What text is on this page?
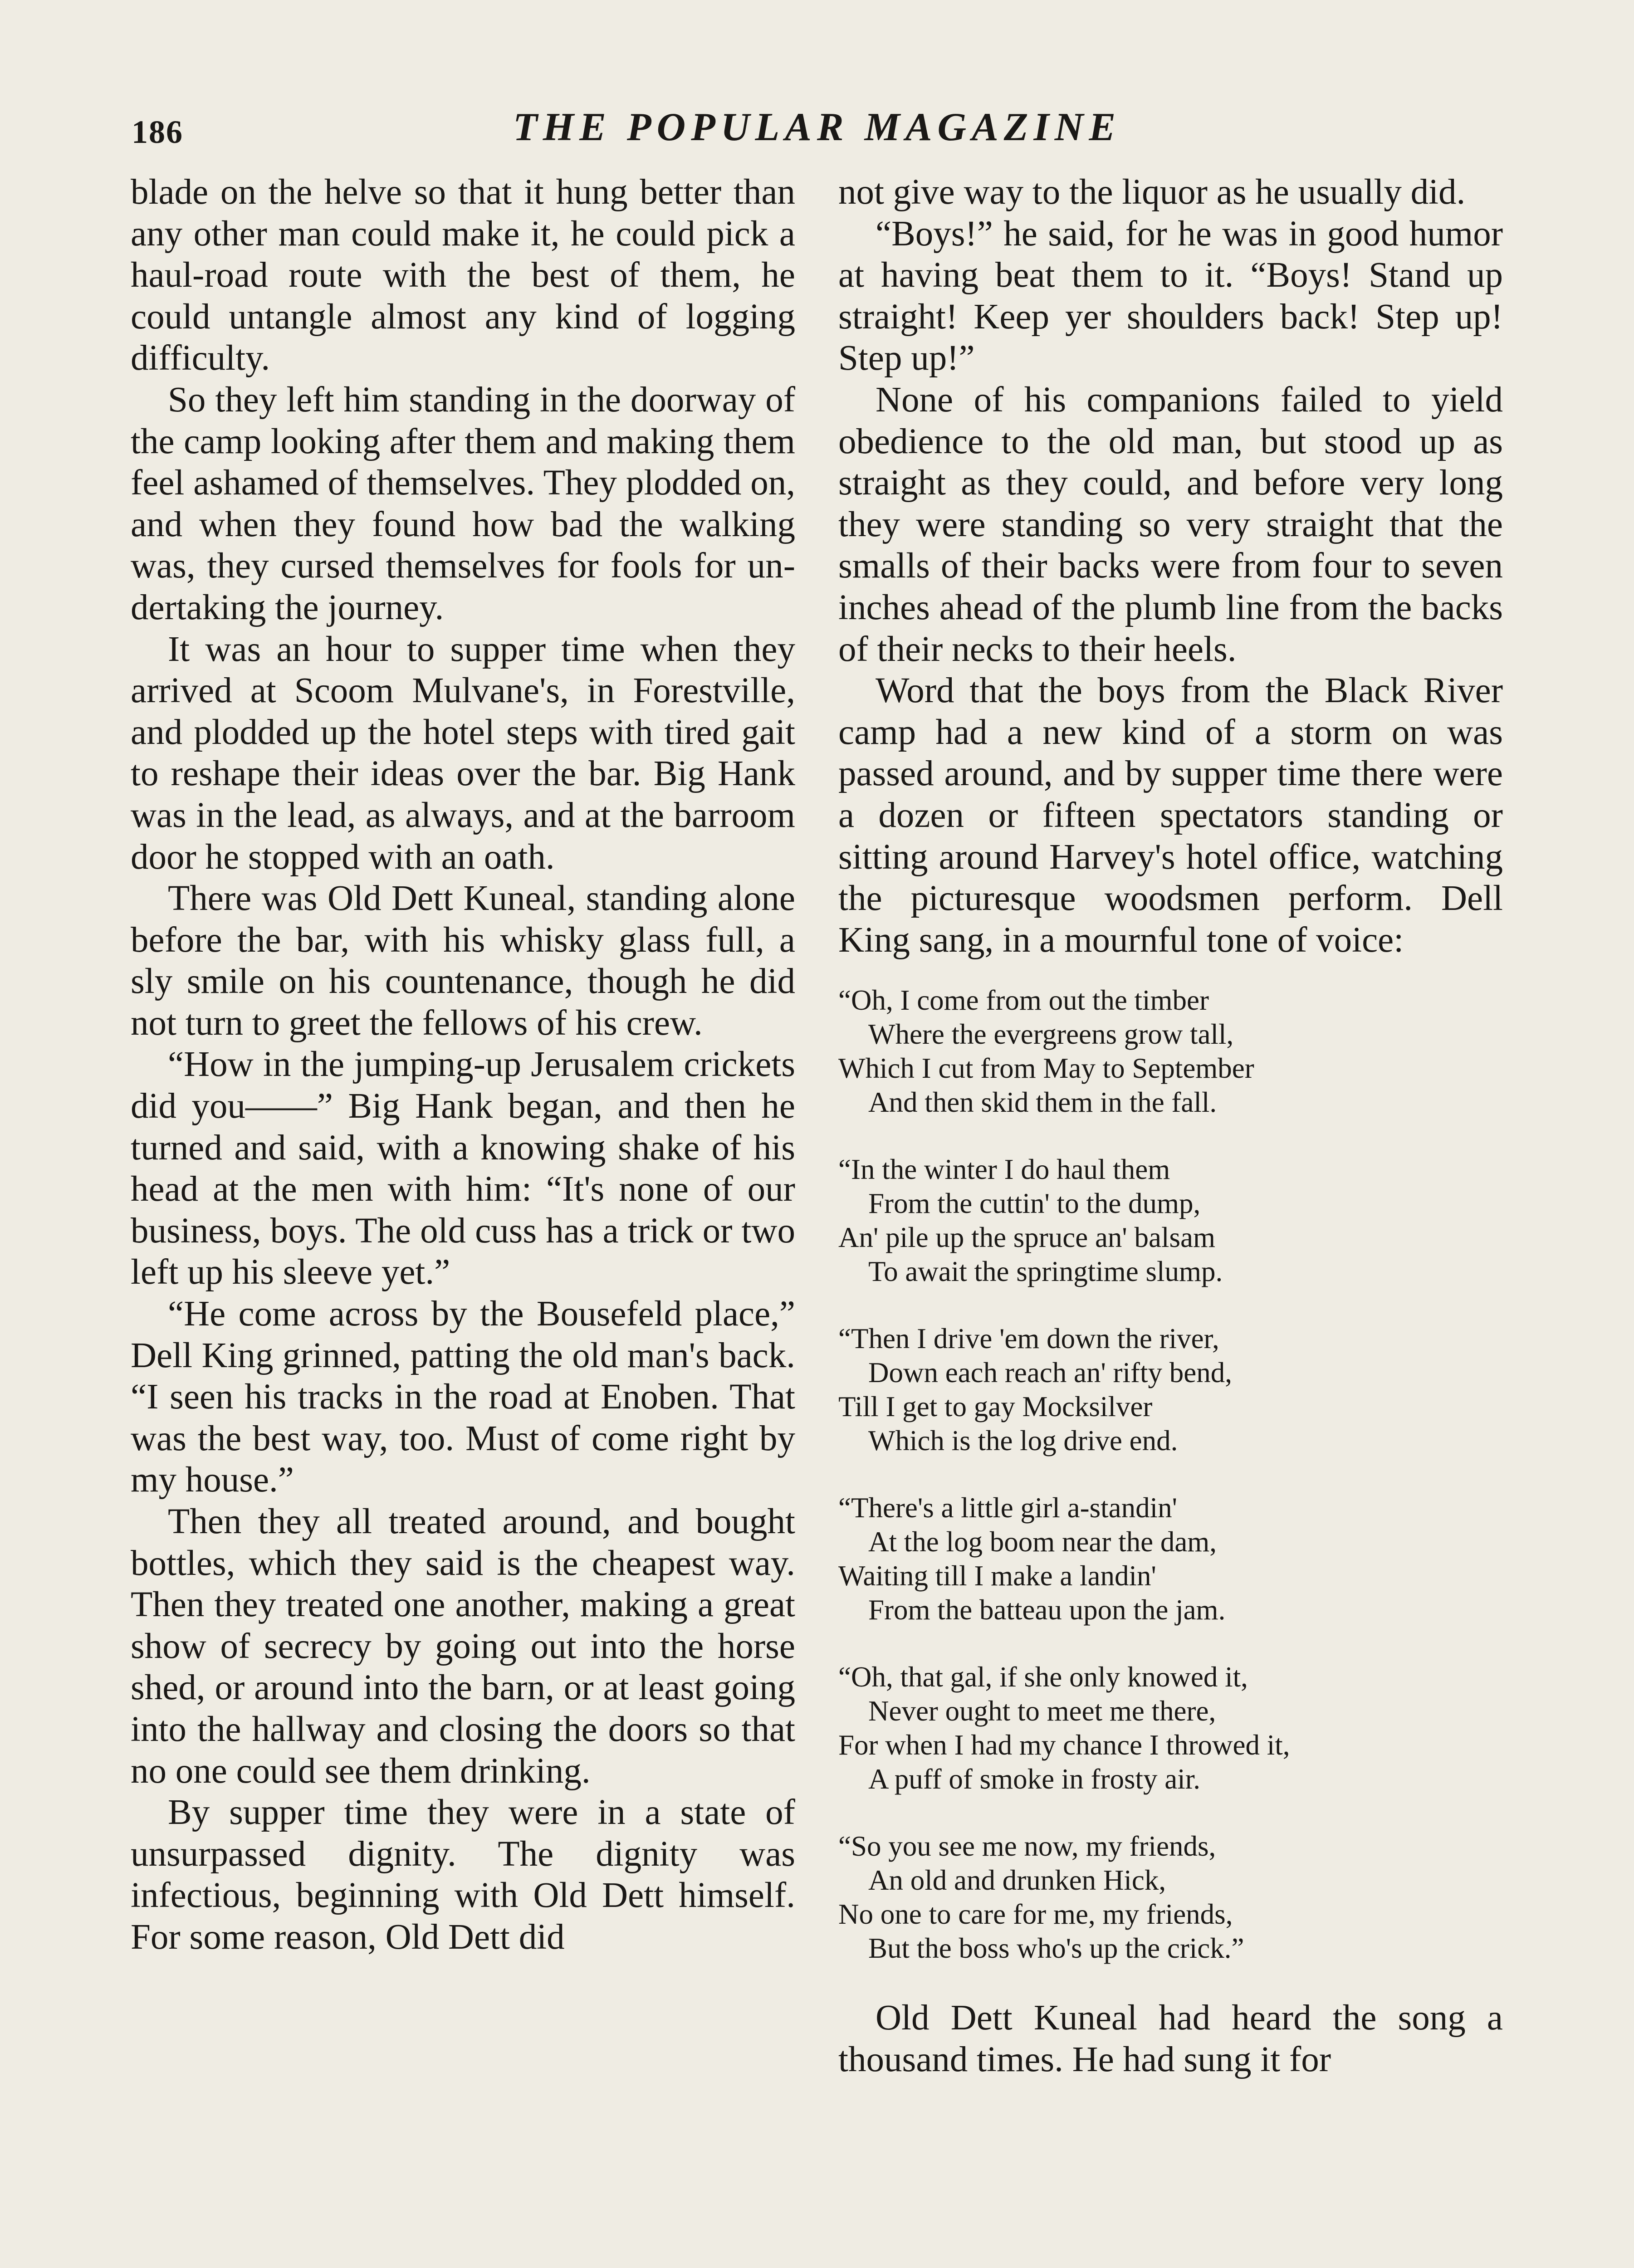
186	THE POPULAR MAGAZINE

blade on the helve so that it hung better than any other man could make it, he could pick a haul-road route with the best of them, he could untangle almost any kind of logging difficulty.

So they left him standing in the doorway of the camp looking after them and making them feel ashamed of themselves. They plodded on, and when they found how bad the walking was, they cursed themselves for fools for undertaking the journey.

It was an hour to supper time when they arrived at Scoom Mulvane's, in Forestville, and plodded up the hotel steps with tired gait to reshape their ideas over the bar. Big Hank was in the lead, as always, and at the barroom door he stopped with an oath.

There was Old Dett Kuneal, standing alone before the bar, with his whisky glass full, a sly smile on his countenance, though he did not turn to greet the fellows of his crew.

“How in the jumping-up Jerusalem crickets did you——” Big Hank began, and then he turned and said, with a knowing shake of his head at the men with him: “It's none of our business, boys. The old cuss has a trick or two left up his sleeve yet.”

“He come across by the Bousefeld place,” Dell King grinned, patting the old man's back. “I seen his tracks in the road at Enoben. That was the best way, too. Must of come right by my house.”

Then they all treated around, and bought bottles, which they said is the cheapest way. Then they treated one another, making a great show of secrecy by going out into the horse shed, or around into the barn, or at least going into the hallway and closing the doors so that no one could see them drinking.

By supper time they were in a state of unsurpassed dignity. The dignity was infectious, beginning with Old Dett himself. For some reason, Old Dett did

not give way to the liquor as he usually did.

“Boys!” he said, for he was in good humor at having beat them to it. “Boys! Stand up straight! Keep yer shoulders back! Step up! Step up!”

None of his companions failed to yield obedience to the old man, but stood up as straight as they could, and before very long they were standing so very straight that the smalls of their backs were from four to seven inches ahead of the plumb line from the backs of their necks to their heels.

Word that the boys from the Black River camp had a new kind of a storm on was passed around, and by supper time there were a dozen or fifteen spectators standing or sitting around Harvey's hotel office, watching the picturesque woodsmen perform. Dell King sang, in a mournful tone of voice:

“Oh, I come from out the timber
Where the evergreens grow tall,
Which I cut from May to September
And then skid them in the fall.
“In the winter I do haul them
From the cuttin' to the dump,
An' pile up the spruce an' balsam
To await the springtime slump.
“Then I drive 'em down the river,
Down each reach an' rifty bend,
Till I get to gay Mocksilver
Which is the log drive end.
“There's a little girl a-standin'
At the log boom near the dam,
Waiting till I make a landin'
From the batteau upon the jam.
“Oh, that gal, if she only knowed it,
Never ought to meet me there,
For when I had my chance I throwed it,
A puff of smoke in frosty air.
“So you see me now, my friends,
An old and drunken Hick,
No one to care for me, my friends,
But the boss who's up the crick.”

Old Dett Kuneal had heard the song a thousand times. He had sung it for
